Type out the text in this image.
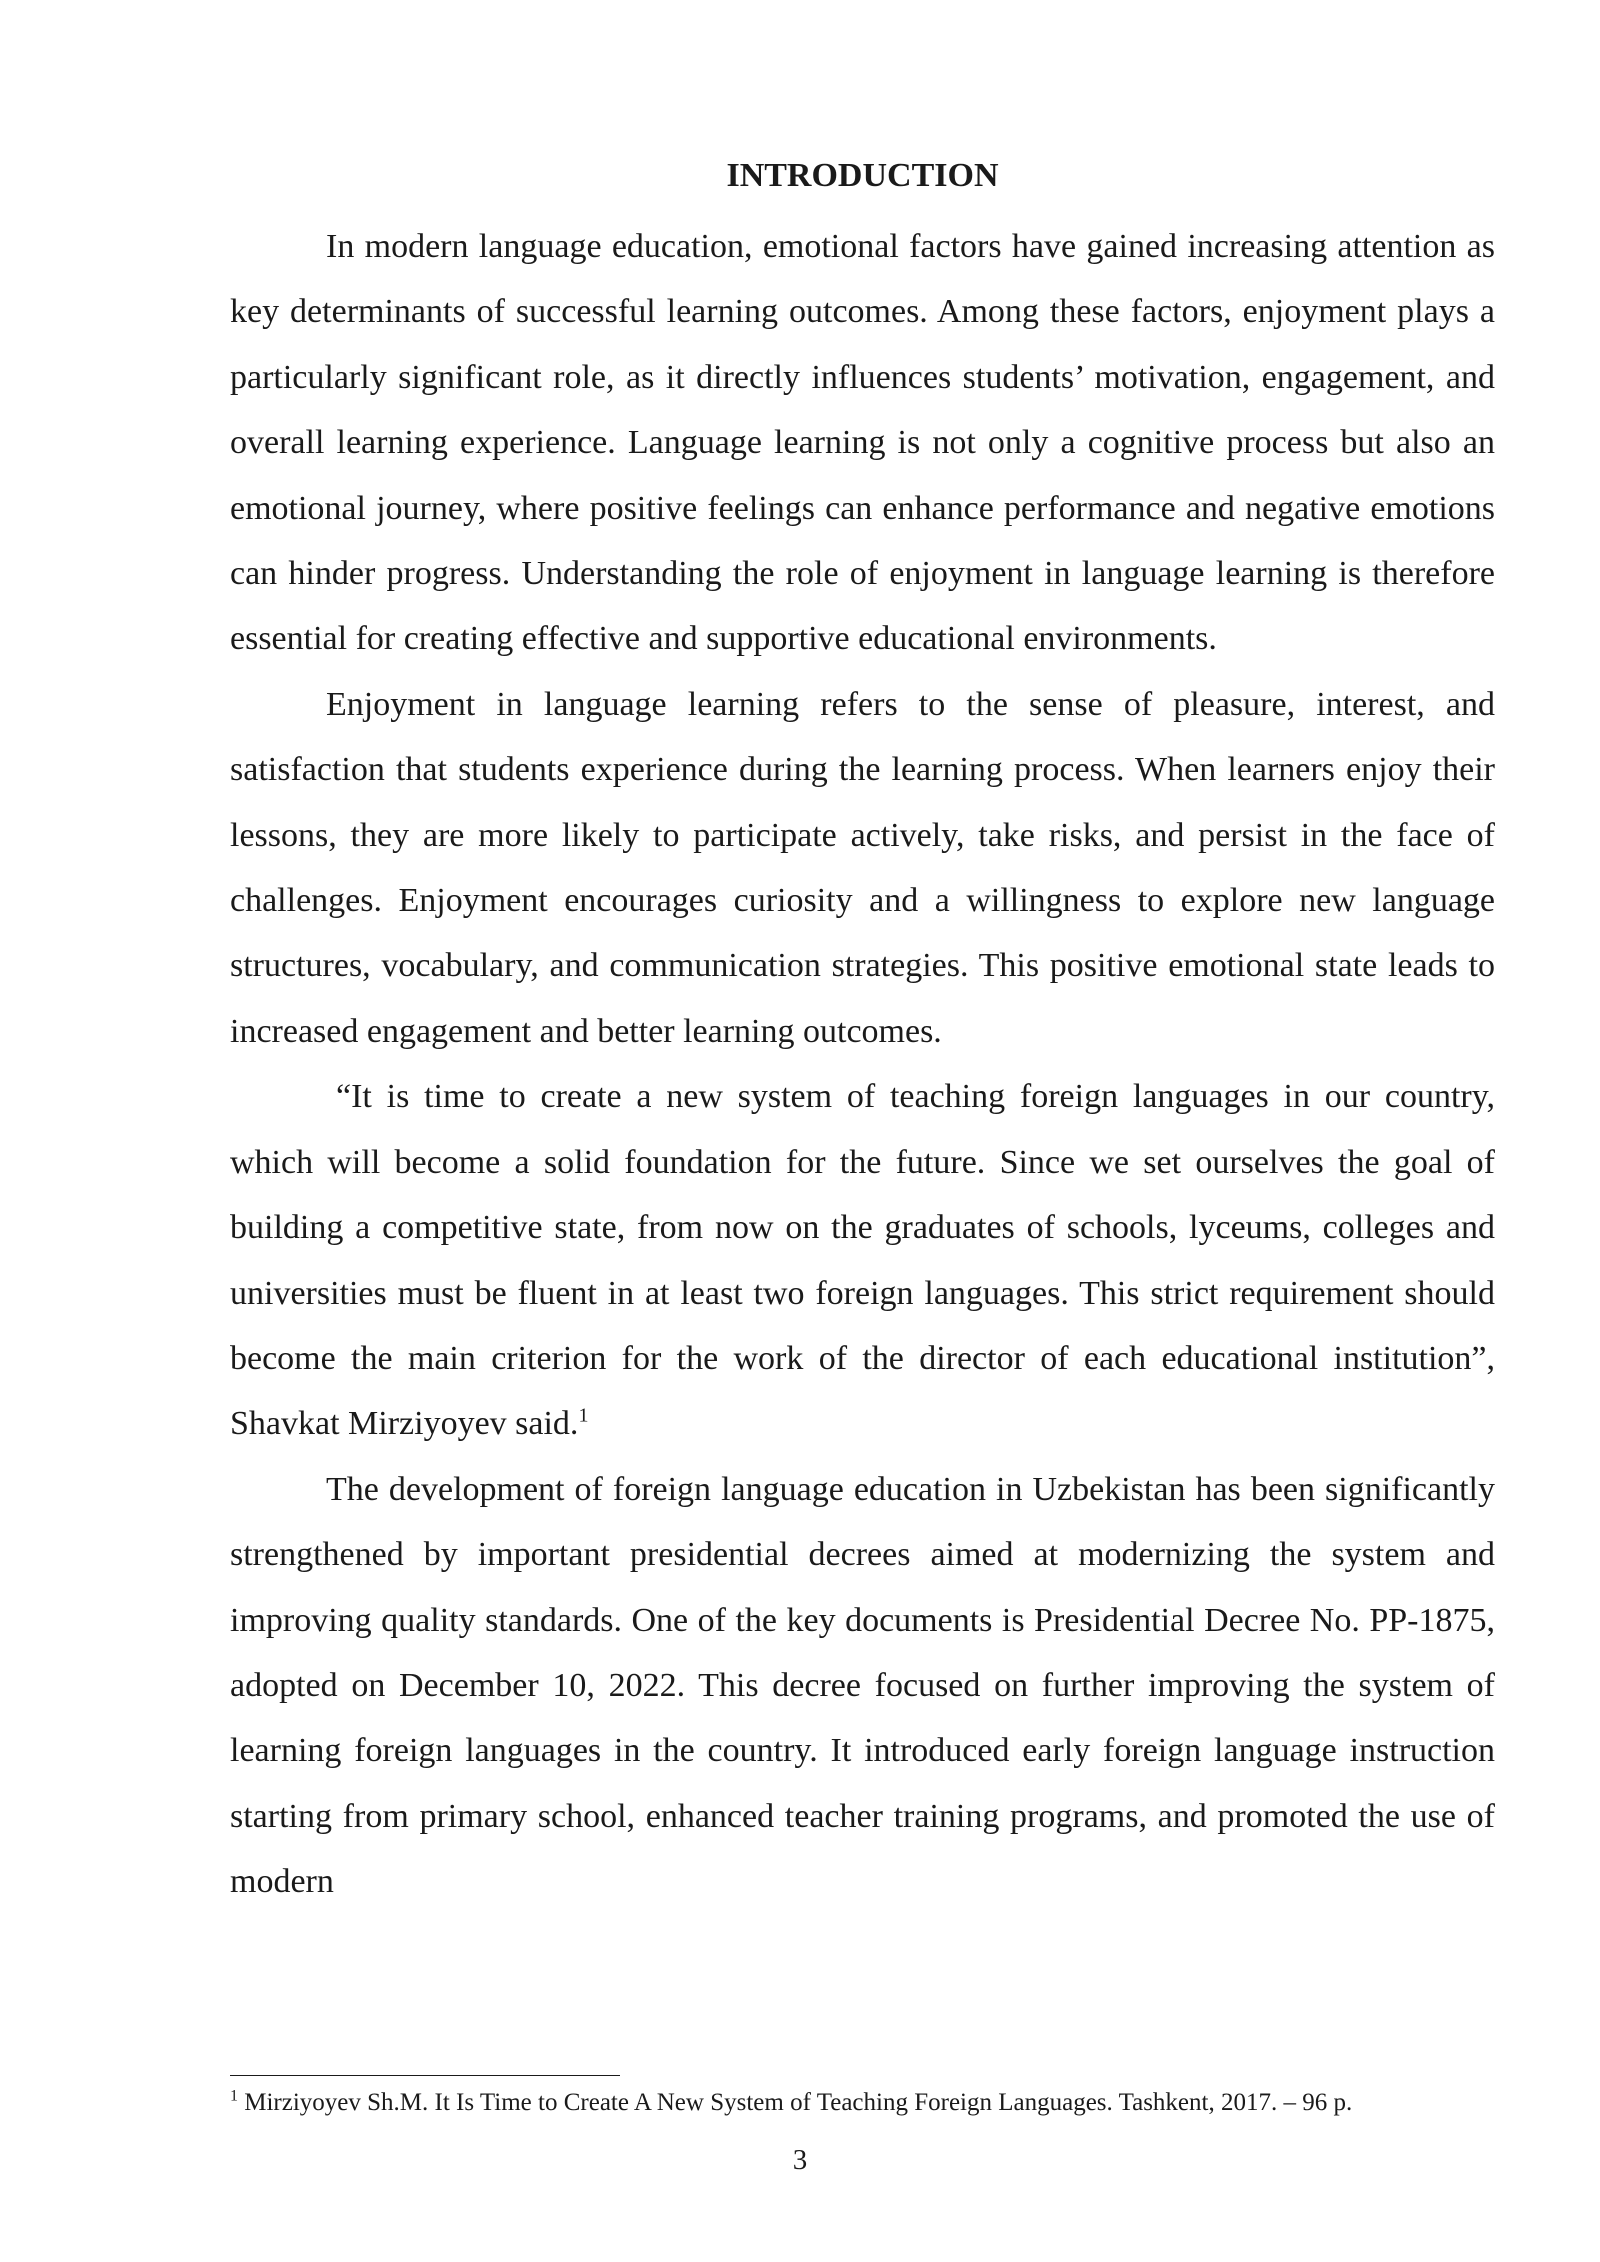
INTRODUCTION

In modern language education, emotional factors have gained increasing attention as key determinants of successful learning outcomes. Among these factors, enjoyment plays a particularly significant role, as it directly influences students’ motivation, engagement, and overall learning experience. Language learning is not only a cognitive process but also an emotional journey, where positive feelings can enhance performance and negative emotions can hinder progress. Understanding the role of enjoyment in language learning is therefore essential for creating effective and supportive educational environments.

Enjoyment in language learning refers to the sense of pleasure, interest, and satisfaction that students experience during the learning process. When learners enjoy their lessons, they are more likely to participate actively, take risks, and persist in the face of challenges. Enjoyment encourages curiosity and a willingness to explore new language structures, vocabulary, and communication strategies. This positive emotional state leads to increased engagement and better learning outcomes.

“It is time to create a new system of teaching foreign languages in our country, which will become a solid foundation for the future. Since we set ourselves the goal of building a competitive state, from now on the graduates of schools, lyceums, colleges and universities must be fluent in at least two foreign languages. This strict requirement should become the main criterion for the work of the director of each educational institution”, Shavkat Mirziyoyev said.$^1$

The development of foreign language education in Uzbekistan has been significantly strengthened by important presidential decrees aimed at modernizing the system and improving quality standards. One of the key documents is Presidential Decree No. PP-1875, adopted on December 10, 2022. This decree focused on further improving the system of learning foreign languages in the country. It introduced early foreign language instruction starting from primary school, enhanced teacher training programs, and promoted the use of modern

$^1$ Mirziyoyev Sh.M. It Is Time to Create A New System of Teaching Foreign Languages. Tashkent, 2017. – 96 p.
3
